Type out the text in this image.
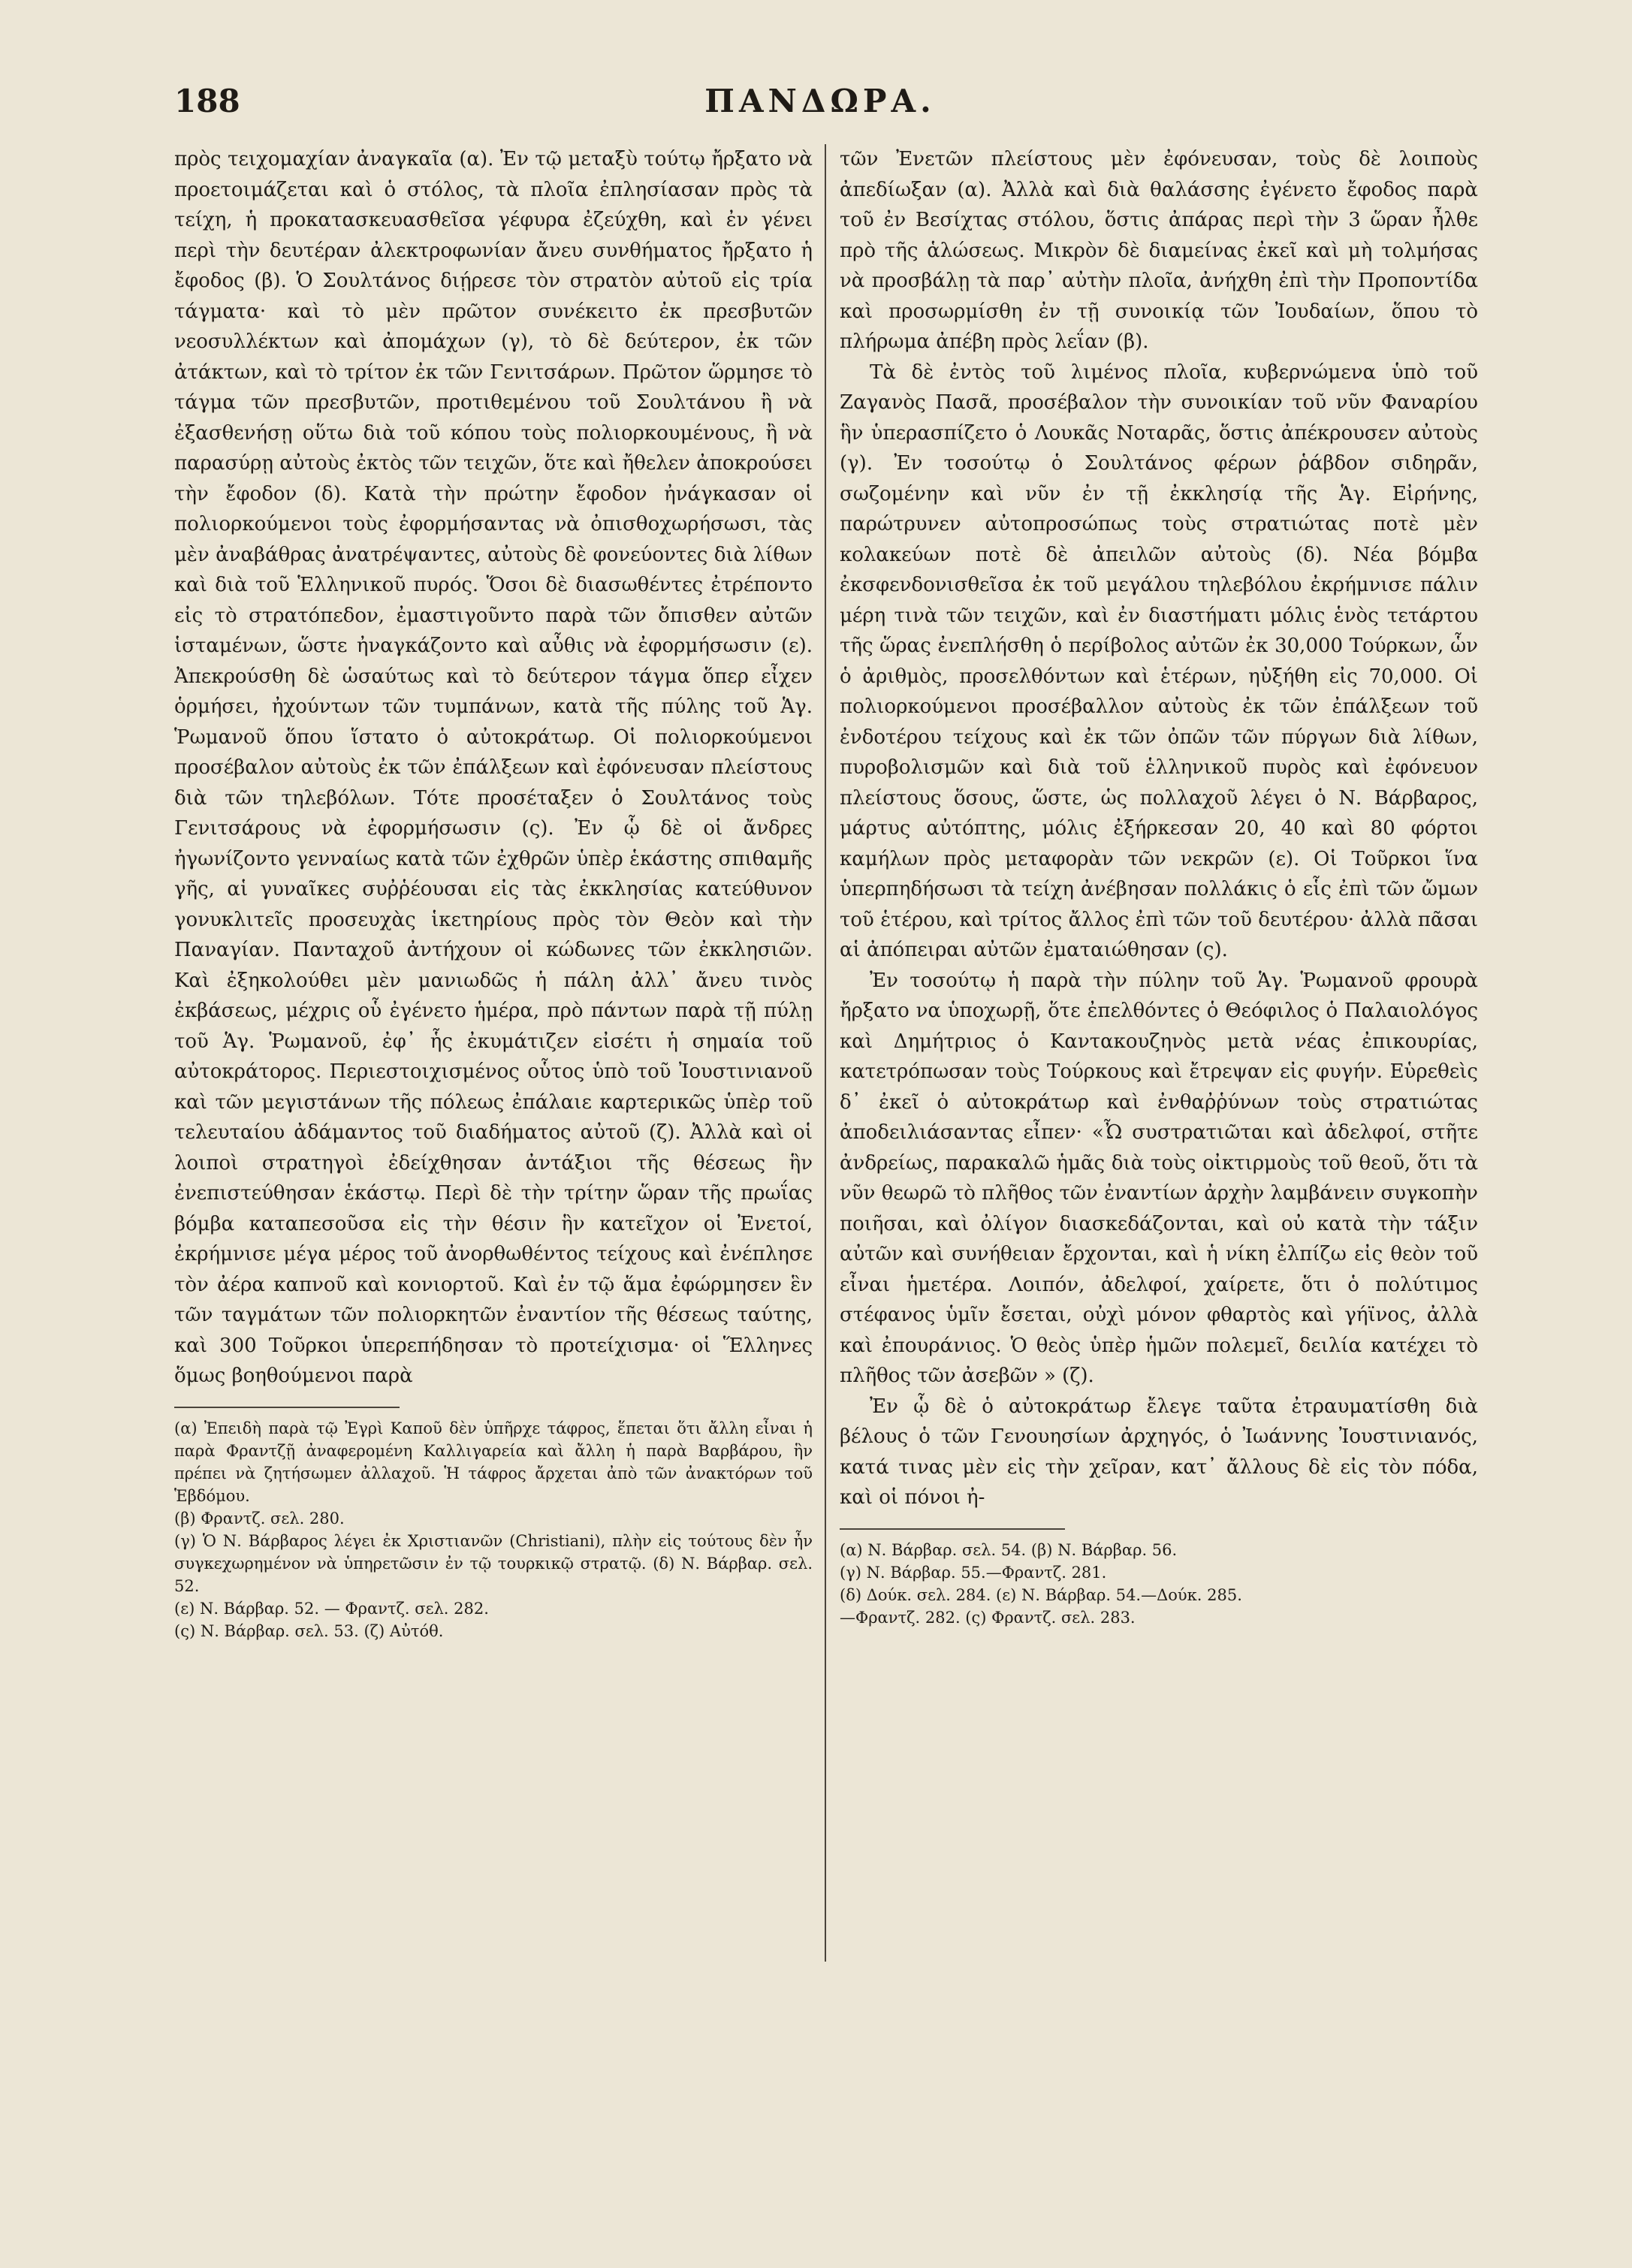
188	ΠΑΝΔΩΡΑ.

πρὸς τειχομαχίαν ἀναγκαῖα (α). Ἐν τῷ μεταξὺ τούτῳ ἤρξατο νὰ προετοιμάζεται καὶ ὁ στόλος, τὰ πλοῖα ἐπλησίασαν πρὸς τὰ τείχη, ἡ προκατασκευασθεῖσα γέφυρα ἐζεύχθη, καὶ ἐν γένει περὶ τὴν δευτέραν ἀλεκτροφωνίαν ἄνευ συνθήματος ἤρξατο ἡ ἔφοδος (β). Ὁ Σουλτάνος διῄρεσε τὸν στρατὸν αὐτοῦ εἰς τρία τάγματα· καὶ τὸ μὲν πρῶτον συνέκειτο ἐκ πρεσβυτῶν νεοσυλλέκτων καὶ ἀπομάχων (γ), τὸ δὲ δεύτερον, ἐκ τῶν ἀτάκτων, καὶ τὸ τρίτον ἐκ τῶν Γενιτσάρων. Πρῶτον ὥρμησε τὸ τάγμα τῶν πρεσβυτῶν, προτιθεμένου τοῦ Σουλτάνου ἢ νὰ ἐξασθενήσῃ οὕτω διὰ τοῦ κόπου τοὺς πολιορκουμένους, ἢ νὰ παρασύρῃ αὐτοὺς ἐκτὸς τῶν τειχῶν, ὅτε καὶ ἤθελεν ἀποκρούσει τὴν ἔφοδον (δ). Κατὰ τὴν πρώτην ἔφοδον ἠνάγκασαν οἱ πολιορκούμενοι τοὺς ἐφορμήσαντας νὰ ὀπισθοχωρήσωσι, τὰς μὲν ἀναβάθρας ἀνατρέψαντες, αὐτοὺς δὲ φονεύοντες διὰ λίθων καὶ διὰ τοῦ Ἑλληνικοῦ πυρός. Ὅσοι δὲ διασωθέντες ἐτρέποντο εἰς τὸ στρατόπεδον, ἐμαστιγοῦντο παρὰ τῶν ὄπισθεν αὐτῶν ἱσταμένων, ὥστε ἠναγκάζοντο καὶ αὖθις νὰ ἐφορμήσωσιν (ε). Ἀπεκρούσθη δὲ ὡσαύτως καὶ τὸ δεύτερον τάγμα ὅπερ εἶχεν ὁρμήσει, ἠχούντων τῶν τυμπάνων, κατὰ τῆς πύλης τοῦ Ἁγ. Ῥωμανοῦ ὅπου ἵστατο ὁ αὐτοκράτωρ. Οἱ πολιορκούμενοι προσέβαλον αὐτοὺς ἐκ τῶν ἐπάλξεων καὶ ἐφόνευσαν πλείστους διὰ τῶν τηλεβόλων. Τότε προσέταξεν ὁ Σουλτάνος τοὺς Γενιτσάρους νὰ ἐφορμήσωσιν (ς). Ἐν ᾧ δὲ οἱ ἄνδρες ἠγωνίζοντο γενναίως κατὰ τῶν ἐχθρῶν ὑπὲρ ἑκάστης σπιθαμῆς γῆς, αἱ γυναῖκες συῤῥέουσαι εἰς τὰς ἐκκλησίας κατεύθυνον γονυκλιτεῖς προσευχὰς ἱκετηρίους πρὸς τὸν Θεὸν καὶ τὴν Παναγίαν. Πανταχοῦ ἀντήχουν οἱ κώδωνες τῶν ἐκκλησιῶν. Καὶ ἐξηκολούθει μὲν μανιωδῶς ἡ πάλη ἀλλ᾽ ἄνευ τινὸς ἐκβάσεως, μέχρις οὗ ἐγένετο ἡμέρα, πρὸ πάντων παρὰ τῇ πύλῃ τοῦ Ἁγ. Ῥωμανοῦ, ἐφ᾽ ἧς ἐκυμάτιζεν εἰσέτι ἡ σημαία τοῦ αὐτοκράτορος. Περιεστοιχισμένος οὗτος ὑπὸ τοῦ Ἰουστινιανοῦ καὶ τῶν μεγιστάνων τῆς πόλεως ἐπάλαιε καρτερικῶς ὑπὲρ τοῦ τελευταίου ἀδάμαντος τοῦ διαδήματος αὐτοῦ (ζ). Ἀλλὰ καὶ οἱ λοιποὶ στρατηγοὶ ἐδείχθησαν ἀντάξιοι τῆς θέσεως ἣν ἐνεπιστεύθησαν ἑκάστῳ. Περὶ δὲ τὴν τρίτην ὥραν τῆς πρωΐας βόμβα καταπεσοῦσα εἰς τὴν θέσιν ἣν κατεῖχον οἱ Ἐνετοί, ἐκρήμνισε μέγα μέρος τοῦ ἀνορθωθέντος τείχους καὶ ἐνέπλησε τὸν ἀέρα καπνοῦ καὶ κονιορτοῦ. Καὶ ἐν τῷ ἅμα ἐφώρμησεν ἓν τῶν ταγμάτων τῶν πολιορκητῶν ἐναντίον τῆς θέσεως ταύτης, καὶ 300 Τοῦρκοι ὑπερεπήδησαν τὸ προτείχισμα· οἱ Ἕλληνες ὅμως βοηθούμενοι παρὰ

(α) Ἐπειδὴ παρὰ τῷ Ἐγρὶ Καποῦ δὲν ὑπῆρχε τάφρος, ἕπεται ὅτι ἄλλη εἶναι ἡ παρὰ Φραντζῇ ἀναφερομένη Καλλιγαρεία καὶ ἄλλη ἡ παρὰ Βαρβάρου, ἣν πρέπει νὰ ζητήσωμεν ἀλλαχοῦ. Ἡ τάφρος ἄρχεται ἀπὸ τῶν ἀνακτόρων τοῦ Ἑβδόμου.

(β) Φραντζ. σελ. 280.

(γ) Ὁ Ν. Βάρβαρος λέγει ἐκ Χριστιανῶν (Christiani), πλὴν εἰς τούτους δὲν ἦν συγκεχωρημένον νὰ ὑπηρετῶσιν ἐν τῷ τουρκικῷ στρατῷ. (δ) Ν. Βάρβαρ. σελ. 52.

(ε) Ν. Βάρβαρ. 52. — Φραντζ. σελ. 282.

(ς) Ν. Βάρβαρ. σελ. 53. (ζ) Αὐτόθ.

τῶν Ἐνετῶν πλείστους μὲν ἐφόνευσαν, τοὺς δὲ λοιποὺς ἀπεδίωξαν (α). Ἀλλὰ καὶ διὰ θαλάσσης ἐγένετο ἔφοδος παρὰ τοῦ ἐν Βεσίχτας στόλου, ὅστις ἀπάρας περὶ τὴν 3 ὥραν ἦλθε πρὸ τῆς ἁλώσεως. Μικρὸν δὲ διαμείνας ἐκεῖ καὶ μὴ τολμήσας νὰ προσβάλῃ τὰ παρ᾽ αὐτὴν πλοῖα, ἀνήχθη ἐπὶ τὴν Προποντίδα καὶ προσωρμίσθη ἐν τῇ συνοικίᾳ τῶν Ἰουδαίων, ὅπου τὸ πλήρωμα ἀπέβη πρὸς λεΐαν (β).

Τὰ δὲ ἐντὸς τοῦ λιμένος πλοῖα, κυβερνώμενα ὑπὸ τοῦ Ζαγανὸς Πασᾶ, προσέβαλον τὴν συνοικίαν τοῦ νῦν Φαναρίου ἣν ὑπερασπίζετο ὁ Λουκᾶς Νοταρᾶς, ὅστις ἀπέκρουσεν αὐτοὺς (γ). Ἐν τοσούτῳ ὁ Σουλτάνος φέρων ῥάβδον σιδηρᾶν, σωζομένην καὶ νῦν ἐν τῇ ἐκκλησίᾳ τῆς Ἁγ. Εἰρήνης, παρώτρυνεν αὐτοπροσώπως τοὺς στρατιώτας ποτὲ μὲν κολακεύων ποτὲ δὲ ἀπειλῶν αὐτοὺς (δ). Νέα βόμβα ἐκσφενδονισθεῖσα ἐκ τοῦ μεγάλου τηλεβόλου ἐκρήμνισε πάλιν μέρη τινὰ τῶν τειχῶν, καὶ ἐν διαστήματι μόλις ἑνὸς τετάρτου τῆς ὥρας ἐνεπλήσθη ὁ περίβολος αὐτῶν ἐκ 30,000 Τούρκων, ὧν ὁ ἀριθμὸς, προσελθόντων καὶ ἑτέρων, ηὐξήθη εἰς 70,000. Οἱ πολιορκούμενοι προσέβαλλον αὐτοὺς ἐκ τῶν ἐπάλξεων τοῦ ἐνδοτέρου τείχους καὶ ἐκ τῶν ὀπῶν τῶν πύργων διὰ λίθων, πυροβολισμῶν καὶ διὰ τοῦ ἑλληνικοῦ πυρὸς καὶ ἐφόνευον πλείστους ὅσους, ὥστε, ὡς πολλαχοῦ λέγει ὁ Ν. Βάρβαρος, μάρτυς αὐτόπτης, μόλις ἐξήρκεσαν 20, 40 καὶ 80 φόρτοι καμήλων πρὸς μεταφορὰν τῶν νεκρῶν (ε). Οἱ Τοῦρκοι ἵνα ὑπερπηδήσωσι τὰ τείχη ἀνέβησαν πολλάκις ὁ εἷς ἐπὶ τῶν ὤμων τοῦ ἑτέρου, καὶ τρίτος ἄλλος ἐπὶ τῶν τοῦ δευτέρου· ἀλλὰ πᾶσαι αἱ ἀπόπειραι αὐτῶν ἐματαιώθησαν (ς).

Ἐν τοσούτῳ ἡ παρὰ τὴν πύλην τοῦ Ἁγ. Ῥωμανοῦ φρουρὰ ἤρξατο να ὑποχωρῇ, ὅτε ἐπελθόντες ὁ Θεόφιλος ὁ Παλαιολόγος καὶ Δημήτριος ὁ Καντακουζηνὸς μετὰ νέας ἐπικουρίας, κατετρόπωσαν τοὺς Τούρκους καὶ ἔτρεψαν εἰς φυγήν. Εὑρεθεὶς δ᾽ ἐκεῖ ὁ αὐτοκράτωρ καὶ ἐνθαῤῥύνων τοὺς στρατιώτας ἀποδειλιάσαντας εἶπεν· «Ὦ συστρατιῶται καὶ ἀδελφοί, στῆτε ἀνδρείως, παρακαλῶ ἡμᾶς διὰ τοὺς οἰκτιρμοὺς τοῦ θεοῦ, ὅτι τὰ νῦν θεωρῶ τὸ πλῆθος τῶν ἐναντίων ἀρχὴν λαμβάνειν συγκοπὴν ποιῆσαι, καὶ ὀλίγον διασκεδάζονται, καὶ οὐ κατὰ τὴν τάξιν αὐτῶν καὶ συνήθειαν ἔρχονται, καὶ ἡ νίκη ἐλπίζω εἰς θεὸν τοῦ εἶναι ἡμετέρα. Λοιπόν, ἀδελφοί, χαίρετε, ὅτι ὁ πολύτιμος στέφανος ὑμῖν ἔσεται, οὐχὶ μόνον φθαρτὸς καὶ γήϊνος, ἀλλὰ καὶ ἐπουράνιος. Ὁ θεὸς ὑπὲρ ἡμῶν πολεμεῖ, δειλία κατέχει τὸ πλῆθος τῶν ἀσεβῶν » (ζ).

Ἐν ᾧ δὲ ὁ αὐτοκράτωρ ἔλεγε ταῦτα ἐτραυματίσθη διὰ βέλους ὁ τῶν Γενουησίων ἀρχηγός, ὁ Ἰωάννης Ἰουστινιανός, κατά τινας μὲν εἰς τὴν χεῖραν, κατ᾽ ἄλλους δὲ εἰς τὸν πόδα, καὶ οἱ πόνοι ἠ-

(α) Ν. Βάρβαρ. σελ. 54. (β) Ν. Βάρβαρ. 56.

(γ) Ν. Βάρβαρ. 55.—Φραντζ. 281.

(δ) Δούκ. σελ. 284. (ε) Ν. Βάρβαρ. 54.—Δούκ. 285.

—Φραντζ. 282. (ς) Φραντζ. σελ. 283.
